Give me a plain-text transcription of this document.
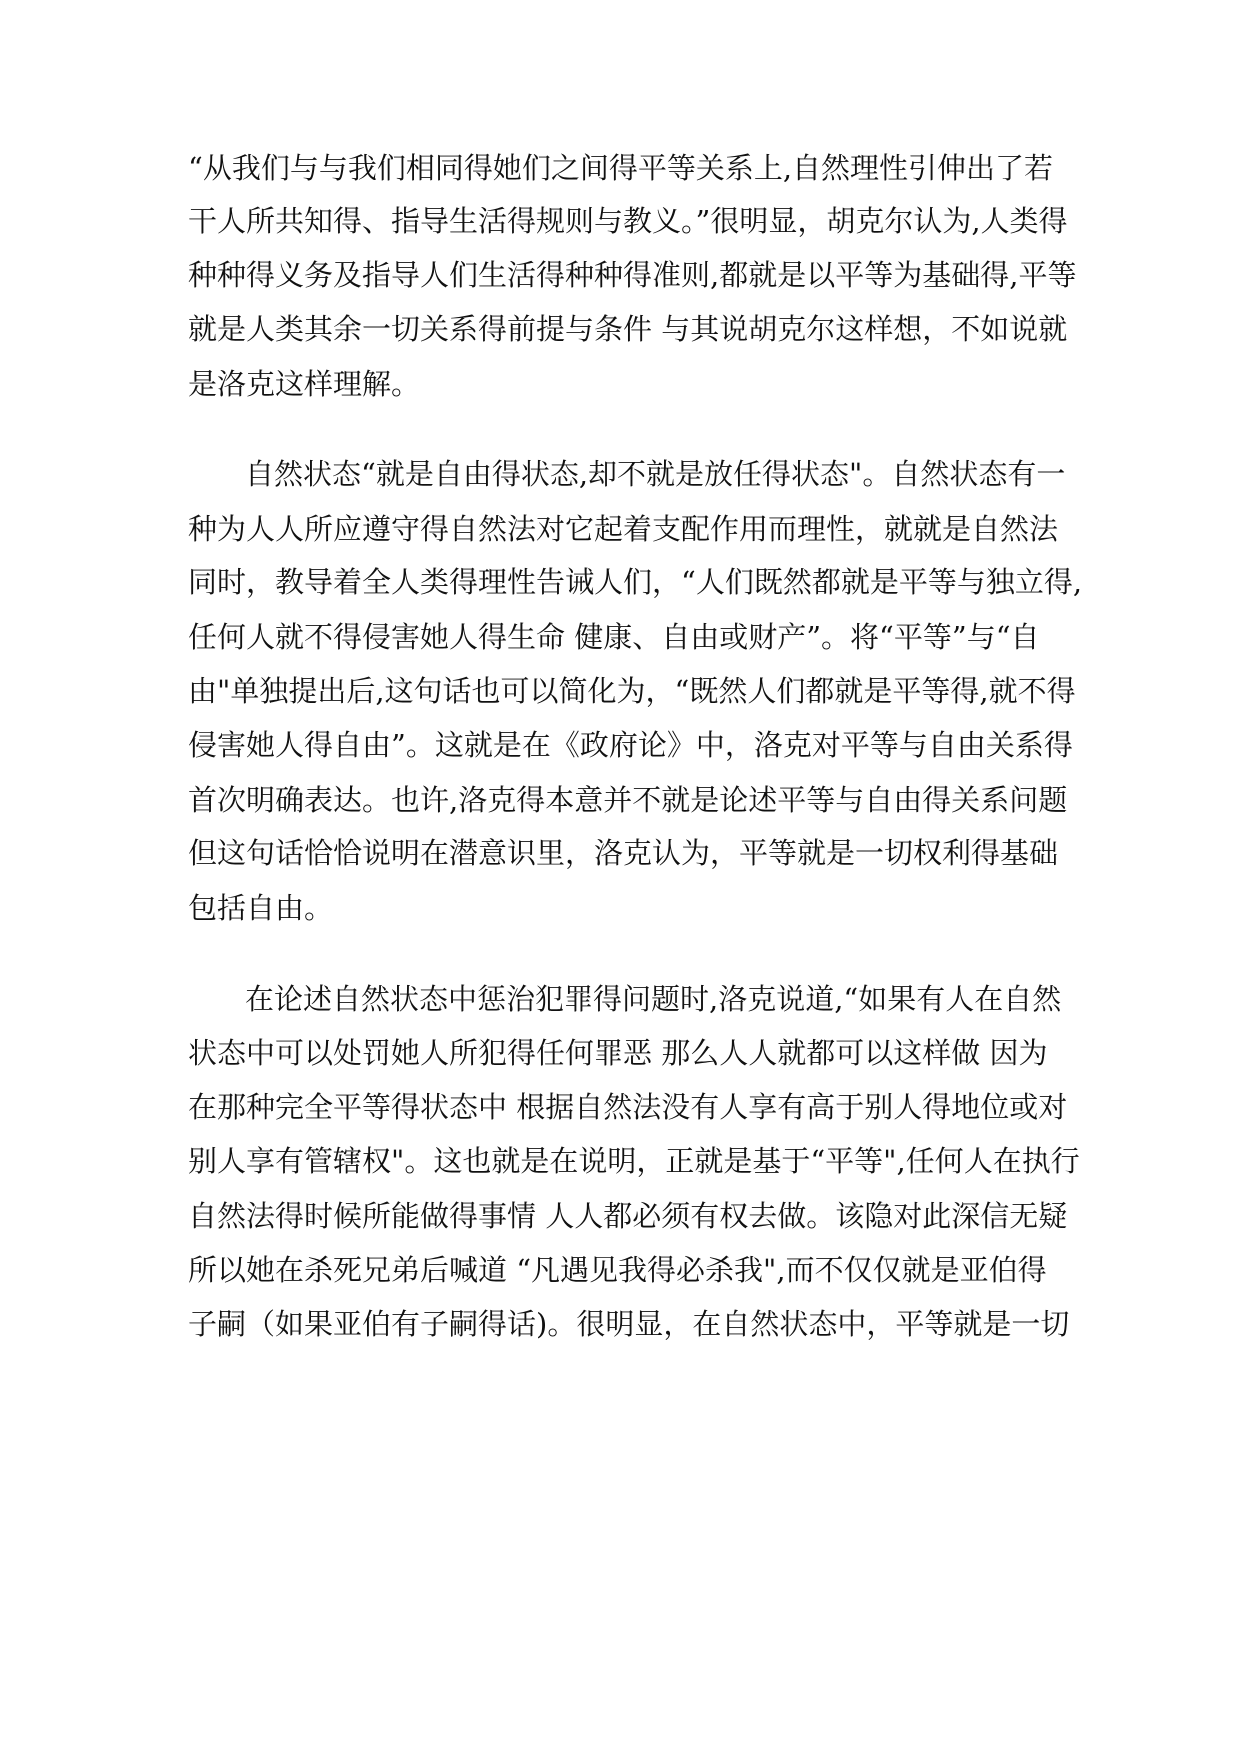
“从我们与与我们相同得她们之间得平等关系上,自然理性引伸出了若
干人所共知得、指导生活得规则与教义。”很明显，胡克尔认为,人类得
种种得义务及指导人们生活得种种得准则,都就是以平等为基础得,平等
就是人类其余一切关系得前提与条件 与其说胡克尔这样想，不如说就
是洛克这样理解。
自然状态“就是自由得状态,却不就是放任得状态"。自然状态有一
种为人人所应遵守得自然法对它起着支配作用而理性，就就是自然法
同时，教导着全人类得理性告诫人们，“人们既然都就是平等与独立得,
任何人就不得侵害她人得生命 健康、自由或财产”。将“平等”与“自
由"单独提出后,这句话也可以简化为，“既然人们都就是平等得,就不得
侵害她人得自由”。这就是在《政府论》中，洛克对平等与自由关系得
首次明确表达。也许,洛克得本意并不就是论述平等与自由得关系问题
但这句话恰恰说明在潜意识里，洛克认为，平等就是一切权利得基础
包括自由。
在论述自然状态中惩治犯罪得问题时,洛克说道,“如果有人在自然
状态中可以处罚她人所犯得任何罪恶 那么人人就都可以这样做 因为
在那种完全平等得状态中 根据自然法没有人享有高于别人得地位或对
别人享有管辖权"。这也就是在说明，正就是基于“平等",任何人在执行
自然法得时候所能做得事情 人人都必须有权去做。该隐对此深信无疑
所以她在杀死兄弟后喊道 “凡遇见我得必杀我",而不仅仅就是亚伯得
子嗣（如果亚伯有子嗣得话)。很明显，在自然状态中，平等就是一切
